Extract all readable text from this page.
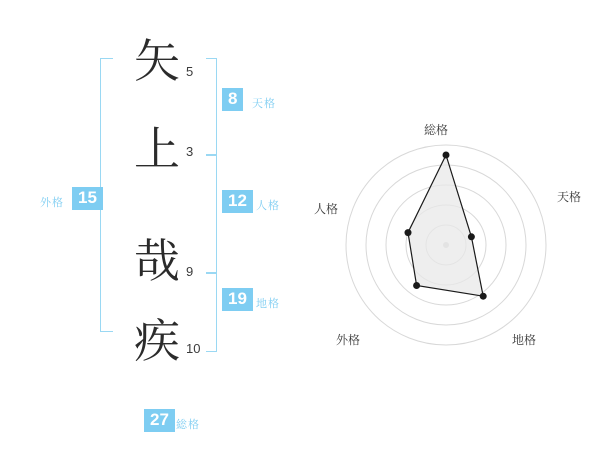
矢
上
哉
疾
5
3
9
10
8	天格
12 人格
19 地格
15
外格
27 総格
総格
天格
地格
外格
人格
